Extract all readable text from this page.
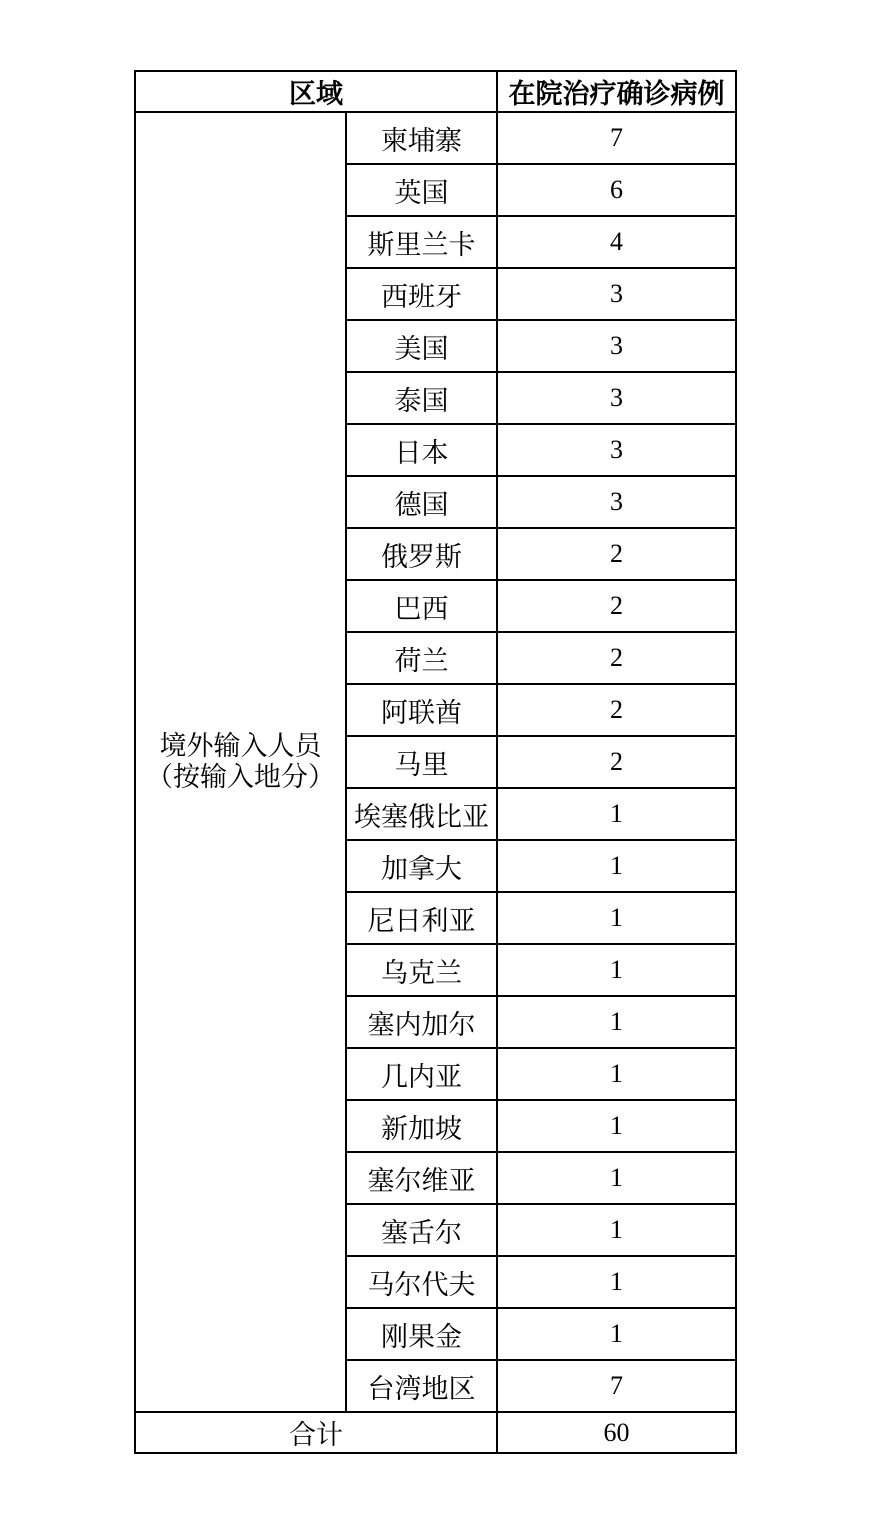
区域		在院治疗确诊病例

境外输入人员
（按输入地分）	柬埔寨	7
	英国	6
	斯里兰卡	4
	西班牙	3
	美国	3
	泰国	3
	日本	3
	德国	3
	俄罗斯	2
	巴西	2
	荷兰	2
	阿联酋	2
	马里	2
	埃塞俄比亚	1
	加拿大	1
	尼日利亚	1
	乌克兰	1
	塞内加尔	1
	几内亚	1
	新加坡	1
	塞尔维亚	1
	塞舌尔	1
	马尔代夫	1
	刚果金	1
	台湾地区	7
合计		60
